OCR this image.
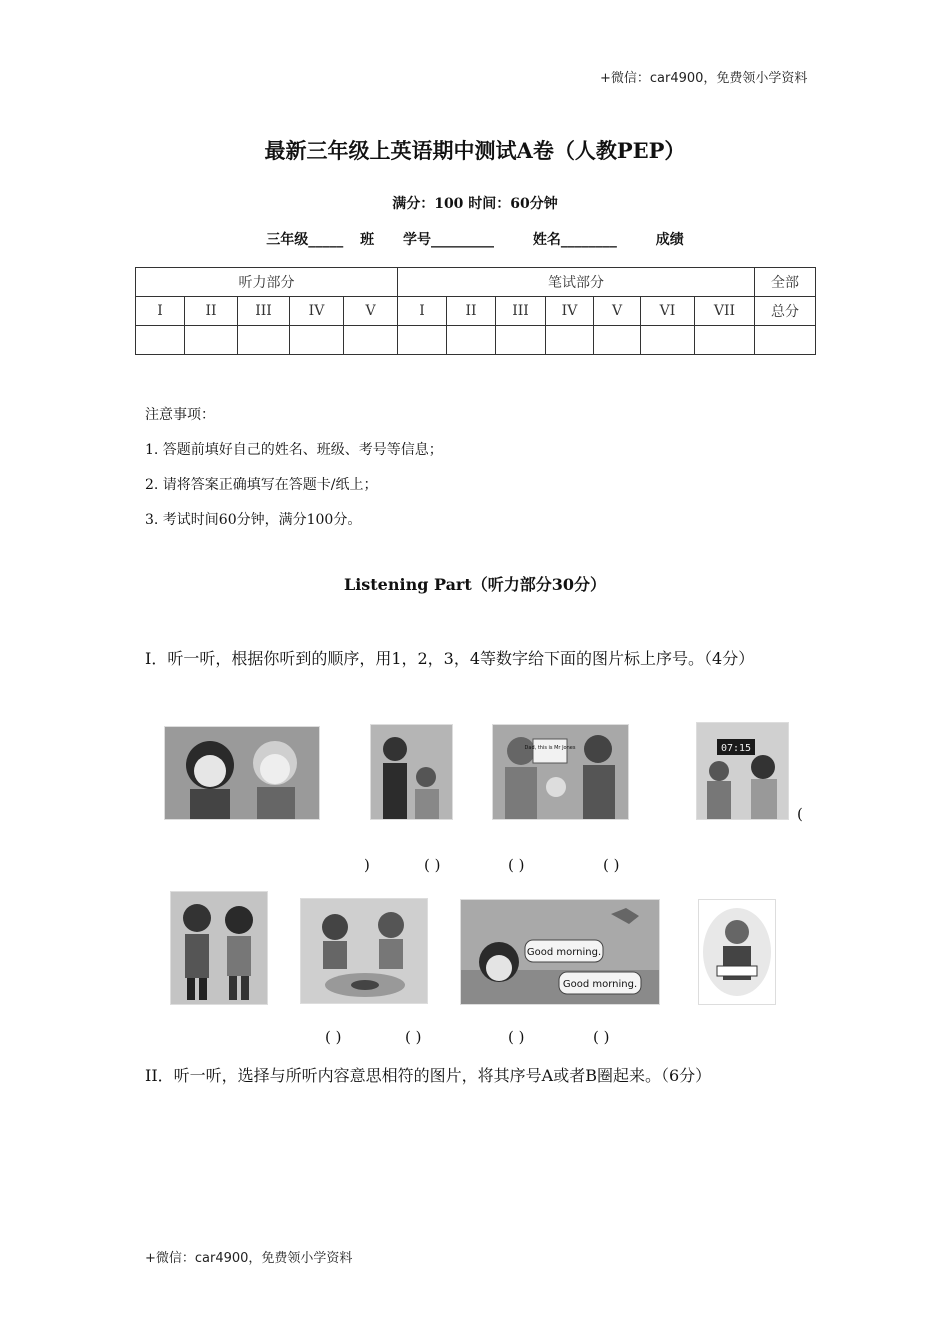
+微信：car4900，免费领小学资料
最新三年级上英语期中测试A卷（人教PEP）
满分：100 时间：60分钟
三年级_____ 班 学号_________	姓名________	成绩
听力部分					笔试部分							全部
I	II	III	IV	V	I	II	III	IV	V	VI	VII	总分

注意事项：
1. 答题前填好自己的姓名、班级、考号等信息；
2. 请将答案正确填写在答题卡/纸上；
3. 考试时间60分钟，满分100分。
Listening Part（听力部分30分）
I．听一听，根据你听到的顺序，用1，2，3，4等数字给下面的图片标上序号。（4分）
Dad, this is Mr Jones	07:15
(
)	( )	( )	( )
Good morning.
Good morning.
( )	( )	( )	( )
II．听一听，选择与所听内容意思相符的图片，将其序号A或者B圈起来。（6分）
+微信：car4900，免费领小学资料
